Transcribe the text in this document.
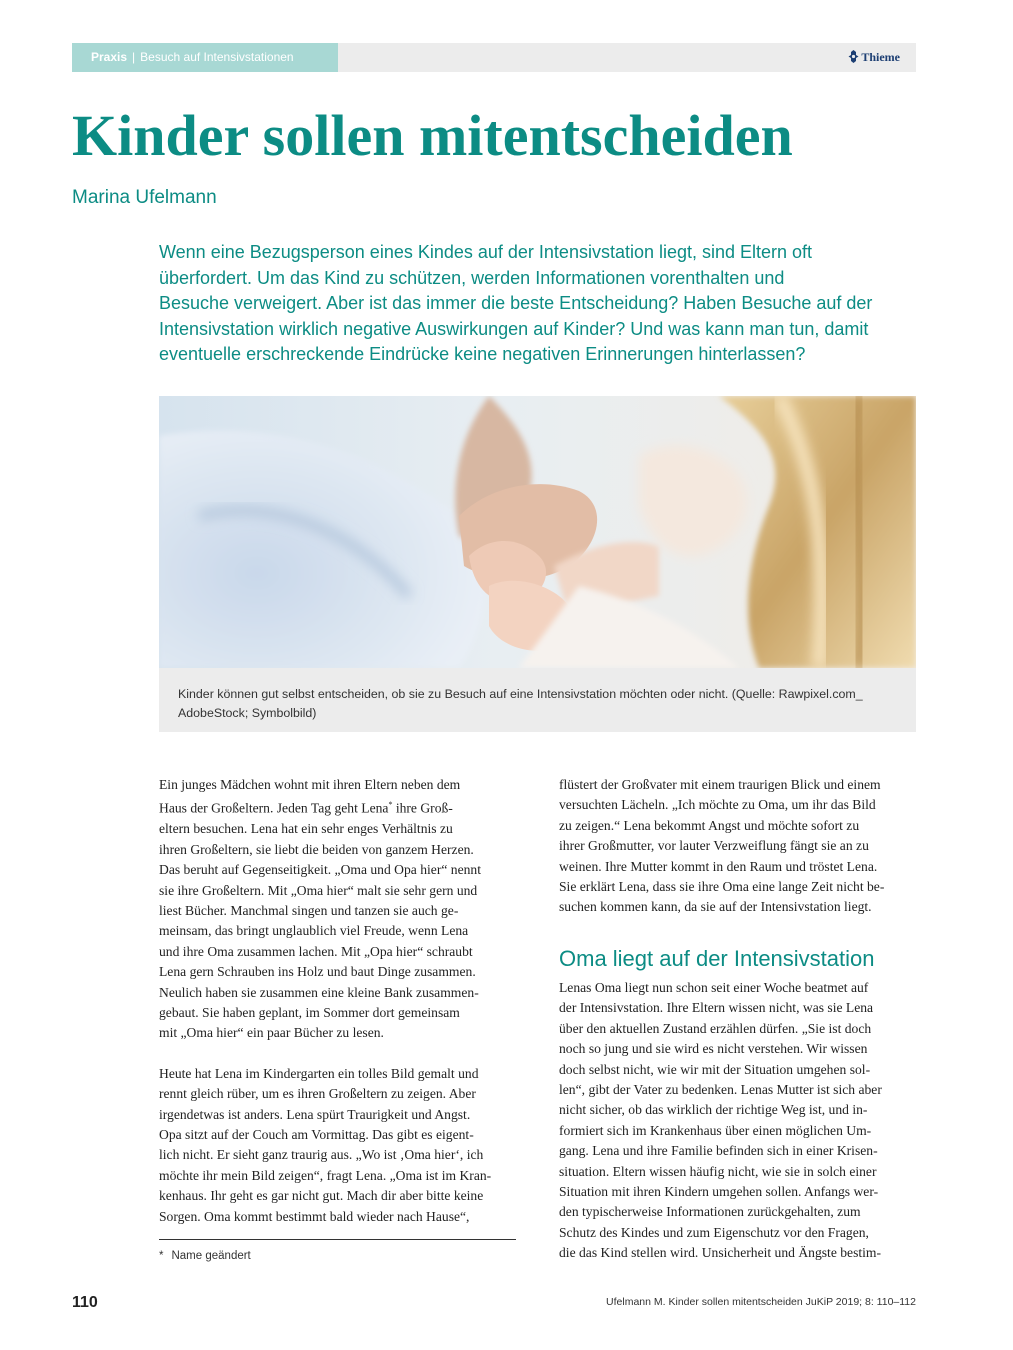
Praxis | Besuch auf Intensivstationen	Thieme
Kinder sollen mitentscheiden
Marina Ufelmann
Wenn eine Bezugsperson eines Kindes auf der Intensivstation liegt, sind Eltern oft
überfordert. Um das Kind zu schützen, werden Informationen vorenthalten und
Besuche verweigert. Aber ist das immer die beste Entscheidung? Haben Besuche auf der
Intensivstation wirklich negative Auswirkungen auf Kinder? Und was kann man tun, damit
eventuelle erschreckende Eindrücke keine negativen Erinnerungen hinterlassen?
Kinder können gut selbst entscheiden, ob sie zu Besuch auf eine Intensivstation möchten oder nicht. (Quelle: Rawpixel.com_
AdobeStock; Symbolbild)
Ein junges Mädchen wohnt mit ihren Eltern neben dem
Haus der Großeltern. Jeden Tag geht Lena* ihre Groß-
eltern besuchen. Lena hat ein sehr enges Verhältnis zu
ihren Großeltern, sie liebt die beiden von ganzem Herzen.
Das beruht auf Gegenseitigkeit. „Oma und Opa hier“ nennt
sie ihre Großeltern. Mit „Oma hier“ malt sie sehr gern und
liest Bücher. Manchmal singen und tanzen sie auch ge-
meinsam, das bringt unglaublich viel Freude, wenn Lena
und ihre Oma zusammen lachen. Mit „Opa hier“ schraubt
Lena gern Schrauben ins Holz und baut Dinge zusammen.
Neulich haben sie zusammen eine kleine Bank zusammen-
gebaut. Sie haben geplant, im Sommer dort gemeinsam
mit „Oma hier“ ein paar Bücher zu lesen.
Heute hat Lena im Kindergarten ein tolles Bild gemalt und
rennt gleich rüber, um es ihren Großeltern zu zeigen. Aber
irgendetwas ist anders. Lena spürt Traurigkeit und Angst.
Opa sitzt auf der Couch am Vormittag. Das gibt es eigent-
lich nicht. Er sieht ganz traurig aus. „Wo ist ‚Oma hier‘, ich
möchte ihr mein Bild zeigen“, fragt Lena. „Oma ist im Kran-
kenhaus. Ihr geht es gar nicht gut. Mach dir aber bitte keine
Sorgen. Oma kommt bestimmt bald wieder nach Hause“,
flüstert der Großvater mit einem traurigen Blick und einem
versuchten Lächeln. „Ich möchte zu Oma, um ihr das Bild
zu zeigen.“ Lena bekommt Angst und möchte sofort zu
ihrer Großmutter, vor lauter Verzweiflung fängt sie an zu
weinen. Ihre Mutter kommt in den Raum und tröstet Lena.
Sie erklärt Lena, dass sie ihre Oma eine lange Zeit nicht be-
suchen kommen kann, da sie auf der Intensivstation liegt.
Oma liegt auf der Intensivstation
Lenas Oma liegt nun schon seit einer Woche beatmet auf
der Intensivstation. Ihre Eltern wissen nicht, was sie Lena
über den aktuellen Zustand erzählen dürfen. „Sie ist doch
noch so jung und sie wird es nicht verstehen. Wir wissen
doch selbst nicht, wie wir mit der Situation umgehen sol-
len“, gibt der Vater zu bedenken. Lenas Mutter ist sich aber
nicht sicher, ob das wirklich der richtige Weg ist, und in-
formiert sich im Krankenhaus über einen möglichen Um-
gang. Lena und ihre Familie befinden sich in einer Krisen-
situation. Eltern wissen häufig nicht, wie sie in solch einer
Situation mit ihren Kindern umgehen sollen. Anfangs wer-
den typischerweise Informationen zurückgehalten, zum
Schutz des Kindes und zum Eigenschutz vor den Fragen,
die das Kind stellen wird. Unsicherheit und Ängste bestim-
* Name geändert
110	Ufelmann M. Kinder sollen mitentscheiden JuKiP 2019; 8: 110–112
